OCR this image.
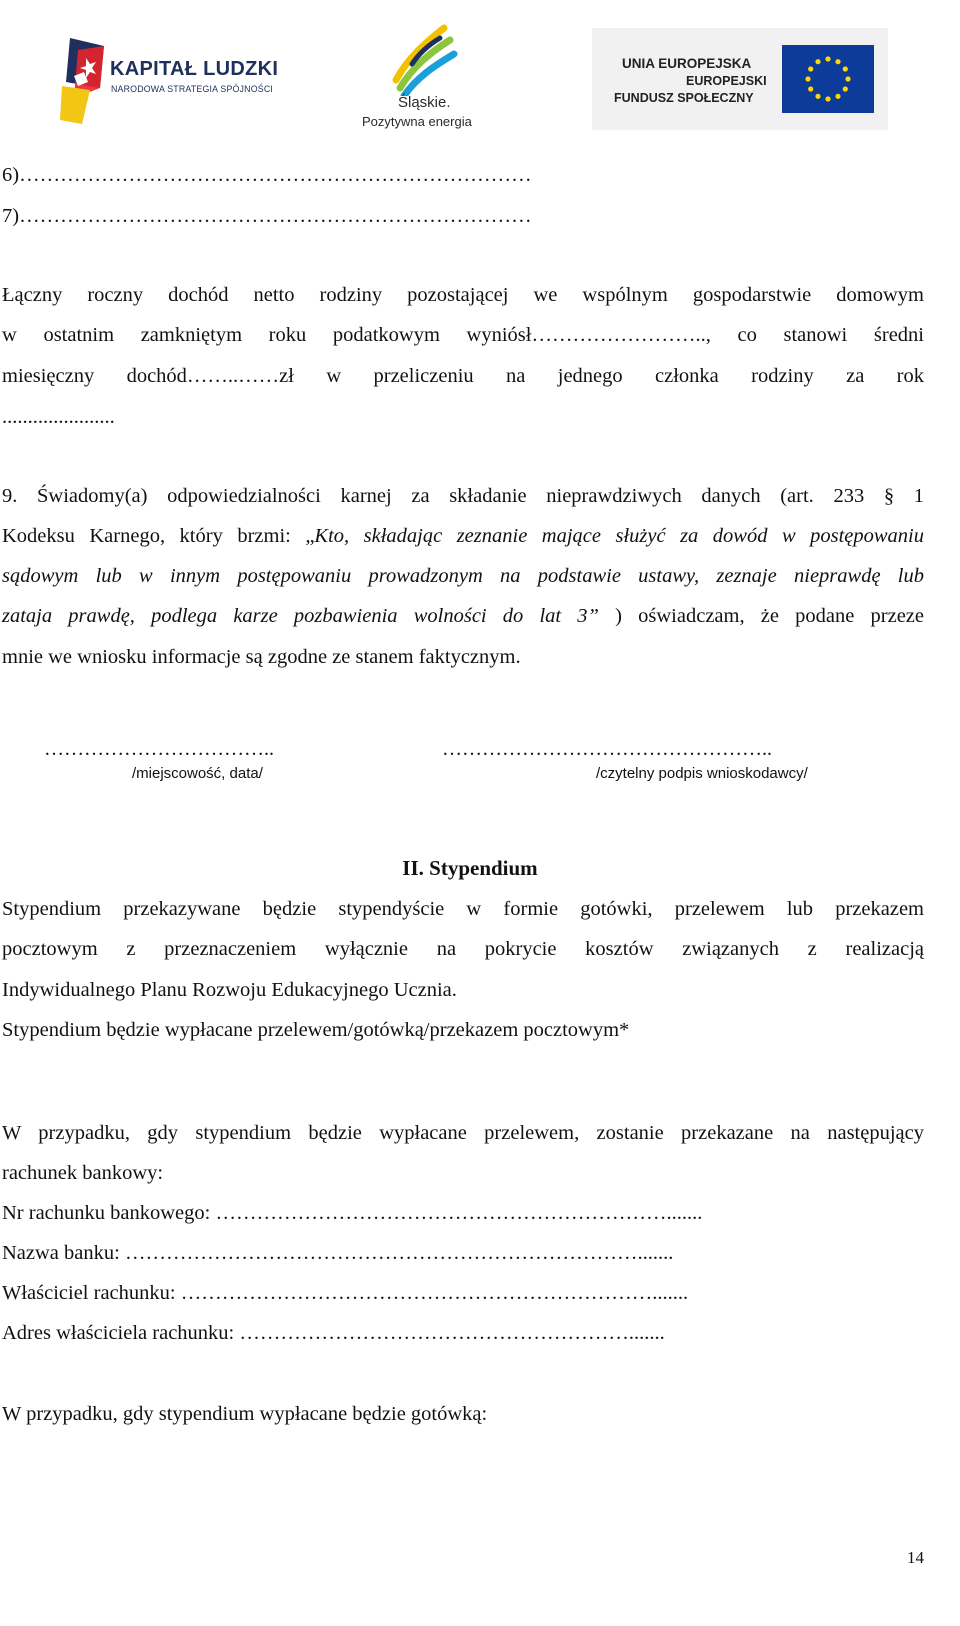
KAPITAŁ LUDZKI
NARODOWA STRATEGIA SPÓJNOŚCI
Śląskie.
Pozytywna energia
UNIA EUROPEJSKA
EUROPEJSKI
FUNDUSZ SPOŁECZNY
6)…………………………………………………………………
7)…………………………………………………………………
Łączny roczny dochód netto rodziny pozostającej we wspólnym gospodarstwie domowym
w ostatnim zamkniętym roku podatkowym wyniósł…………………….., co stanowi średni
miesięczny dochód……..……zł w przeliczeniu na jednego członka rodziny za rok
......................
9. Świadomy(a) odpowiedzialności karnej za składanie nieprawdziwych danych (art. 233 § 1
Kodeksu Karnego, który brzmi: „Kto, składając zeznanie mające służyć za dowód w postępowaniu
sądowym lub w innym postępowaniu prowadzonym na podstawie ustawy, zeznaje nieprawdę lub
zataja prawdę, podlega karze pozbawienia wolności do lat 3” ) oświadczam, że podane przeze
mnie we wniosku informacje są zgodne ze stanem faktycznym.
……………………………..
/miejscowość, data/
…………………………………………..
/czytelny podpis wnioskodawcy/
II. Stypendium
Stypendium przekazywane będzie stypendyście w formie gotówki, przelewem lub przekazem
pocztowym z przeznaczeniem wyłącznie na pokrycie kosztów związanych z realizacją
Indywidualnego Planu Rozwoju Edukacyjnego Ucznia.
Stypendium będzie wypłacane przelewem/gotówką/przekazem pocztowym*
W przypadku, gdy stypendium będzie wypłacane przelewem, zostanie przekazane na następujący
rachunek bankowy:
Nr rachunku bankowego: ………………………………………………………….......
Nazwa banku: ………………………………………………………………….......
Właściciel rachunku: …………………………………………………………….......
Adres właściciela rachunku: ………………………………………………….......
W przypadku, gdy stypendium wypłacane będzie gotówką:
14
